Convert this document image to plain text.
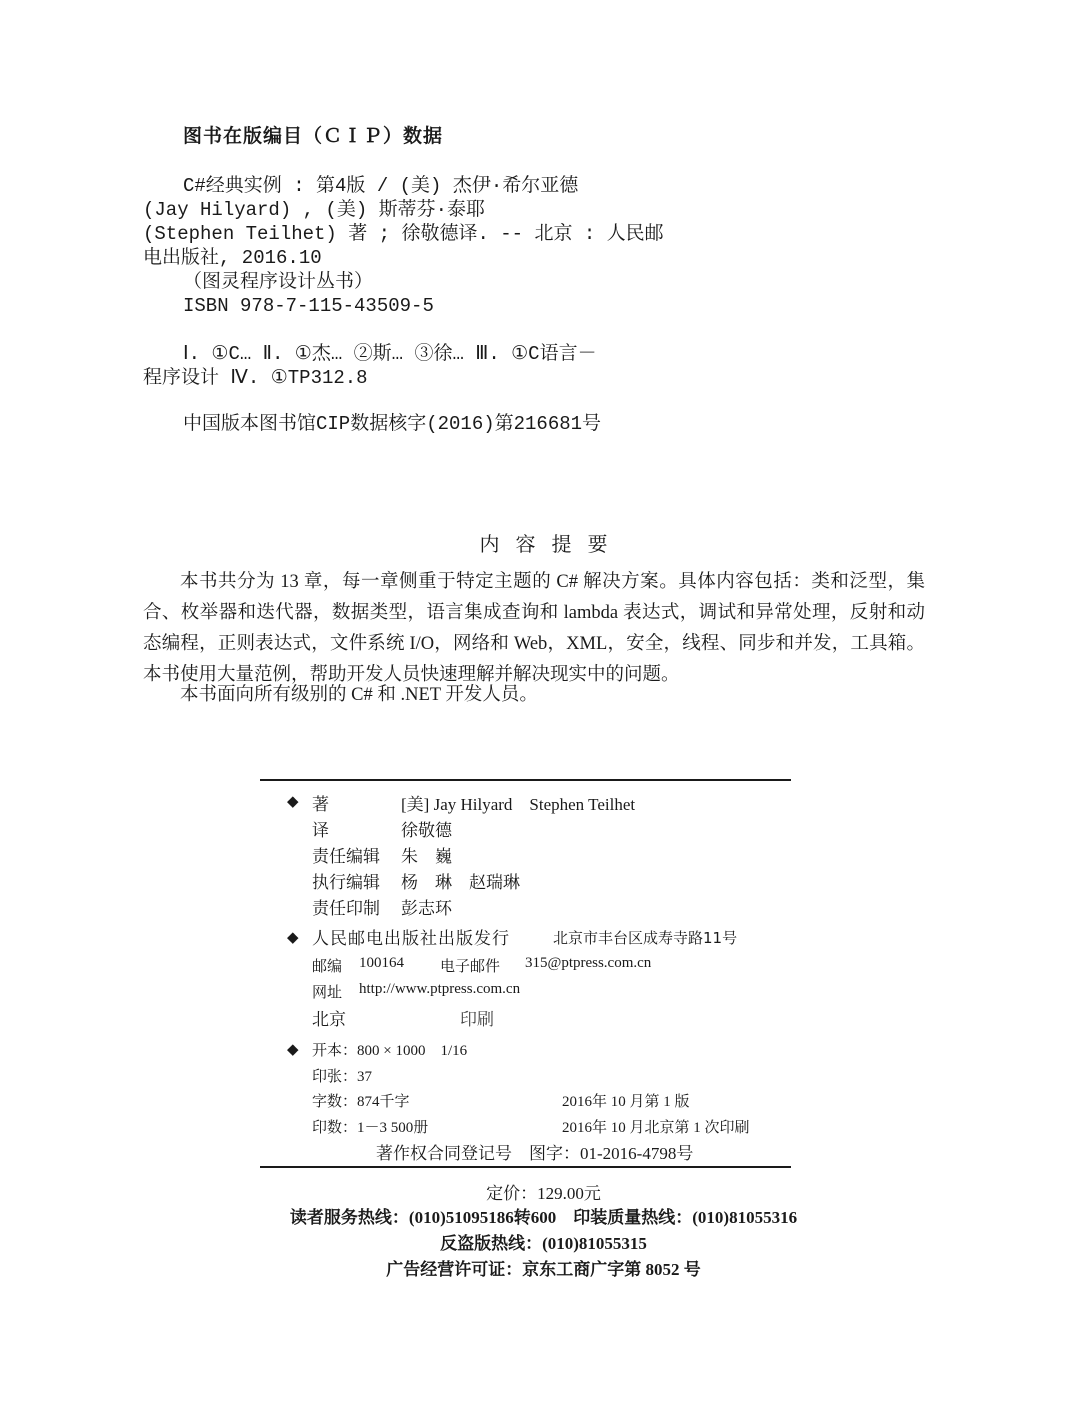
图书在版编目（ＣＩＰ）数据
C#经典实例 : 第4版 / (美) 杰伊·希尔亚德
(Jay Hilyard) , (美) 斯蒂芬·泰耶
(Stephen Teilhet) 著 ; 徐敬德译. -- 北京 : 人民邮
电出版社, 2016.10
（图灵程序设计丛书）
ISBN 978-7-115-43509-5
Ⅰ. ①C… Ⅱ. ①杰… ②斯… ③徐… Ⅲ. ①C语言－
程序设计 Ⅳ. ①TP312.8
中国版本图书馆CIP数据核字(2016)第216681号
内容提要
本书共分为 13 章，每一章侧重于特定主题的 C# 解决方案。具体内容包括：类和泛型，集合、枚举器和迭代器，数据类型，语言集成查询和 lambda 表达式，调试和异常处理，反射和动态编程，正则表达式，文件系统 I/O，网络和 Web，XML，安全，线程、同步和并发，工具箱。本书使用大量范例，帮助开发人员快速理解并解决现实中的问题。
本书面向所有级别的 C# 和 .NET 开发人员。
◆ 著	[美] Jay Hilyard    Stephen Teilhet
译	徐敬德
责任编辑 朱　巍
执行编辑 杨　琳　赵瑞琳
责任印制 彭志环
◆ 人民邮电出版社出版发行	北京市丰台区成寿寺路11号
邮编 100164 电子邮件 315@ptpress.com.cn
网址 http://www.ptpress.com.cn
北京	印刷
◆ 开本：800 × 1000　1/16
印张：37
字数：874千字	2016年 10 月第 1 版
印数：1－3 500册	2016年 10 月北京第 1 次印刷
著作权合同登记号　图字：01-2016-4798号
定价：129.00元
读者服务热线：(010)51095186转600　印装质量热线：(010)81055316
反盗版热线：(010)81055315
广告经营许可证：京东工商广字第 8052 号
